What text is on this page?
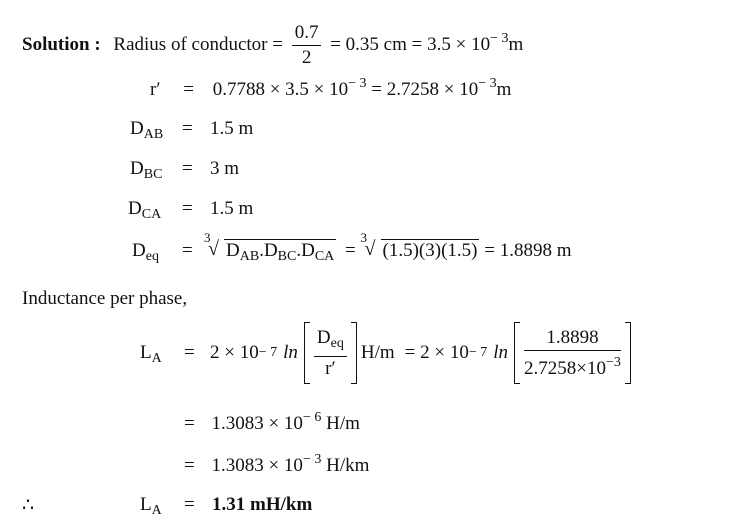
Solution : Radius of conductor = $\frac{0.7}{2} = 0.35$ cm = $3.5 \times 10^{- 3}m$
$r' = 0.7788 \times 3.5 \times 10^{- 3} = 2.7258 \times 10^{- 3}m$
$D_{AB} = 1.5$ m
$D_{BC} = 3$ m
$D_{CA} = 1.5$ m
$D_{eq}$ =
3
√ $D_{AB}.D_{BC}.D_{CA}$ =
3
√ (1.5)(3)(1.5) = 1.8898 m
Inductance per phase,
$L_A = 2 \times 10 - 7$ $\ln \frac{D_{eq}}{r'} H/m = 2 \times 10 - 7$ $\ln \frac{1.8898}{2.7258\times 10^{-3}}$
= $1.3083 \times 10^{- 6}$ H/m
= $1.3083 \times 10^{- 3}$ H/km
∴	$L_A = 1.31$ mH/km
